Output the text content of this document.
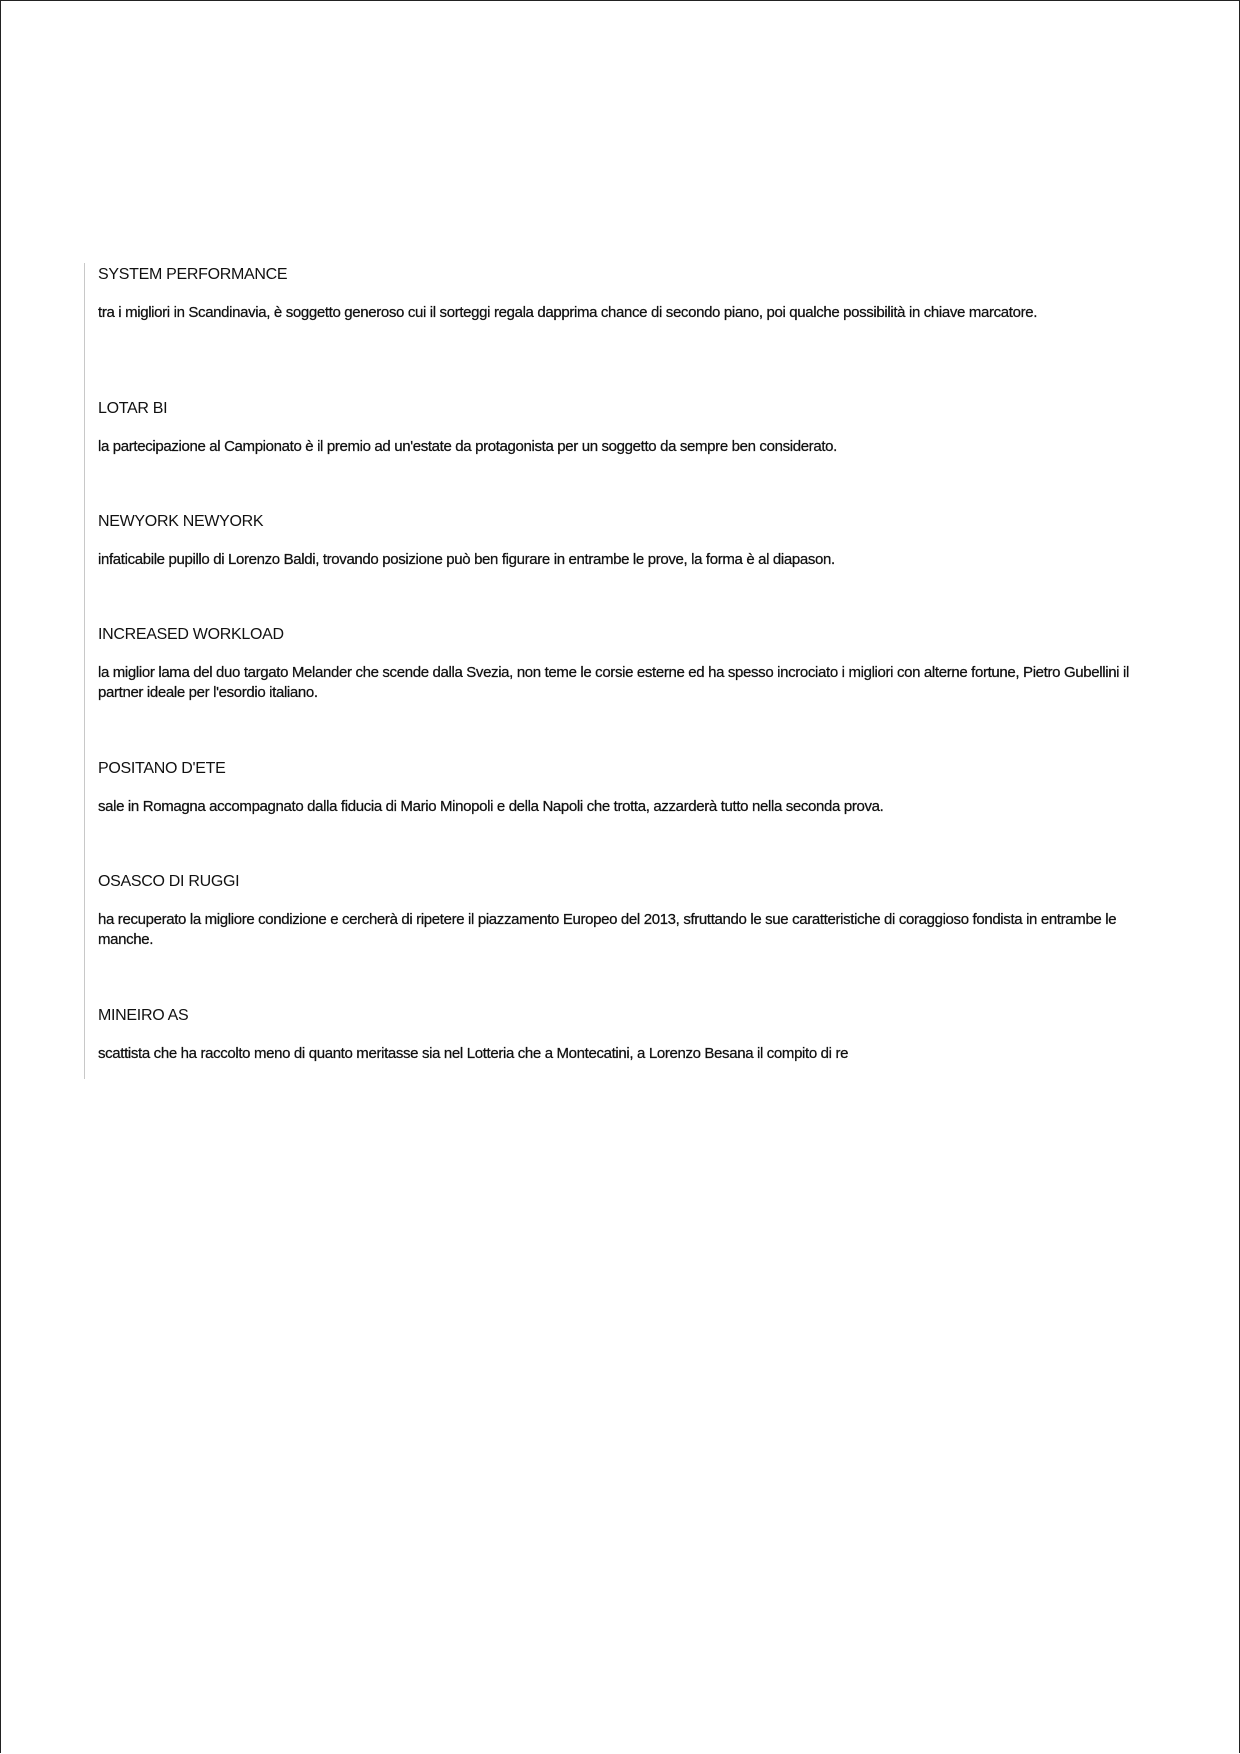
SYSTEM PERFORMANCE

tra i migliori in Scandinavia, è soggetto generoso cui il sorteggi regala dapprima chance di secondo piano, poi qualche possibilità in chiave marcatore.

LOTAR BI

la partecipazione al Campionato è il premio ad un'estate da protagonista per un soggetto da sempre ben considerato.

NEWYORK NEWYORK

infaticabile pupillo di Lorenzo Baldi, trovando posizione può ben figurare in entrambe le prove, la forma è al diapason.

INCREASED WORKLOAD

la miglior lama del duo targato Melander che scende dalla Svezia, non teme le corsie esterne ed ha spesso incrociato i migliori con alterne fortune, Pietro Gubellini il partner ideale per l'esordio italiano.

POSITANO D'ETE

sale in Romagna accompagnato dalla fiducia di Mario Minopoli e della Napoli che trotta, azzarderà tutto nella seconda prova.

OSASCO DI RUGGI

ha recuperato la migliore condizione e cercherà di ripetere il piazzamento Europeo del 2013, sfruttando le sue caratteristiche di coraggioso fondista in entrambe le manche.

MINEIRO AS

scattista che ha raccolto meno di quanto meritasse sia nel Lotteria che a Montecatini, a Lorenzo Besana il compito di re
